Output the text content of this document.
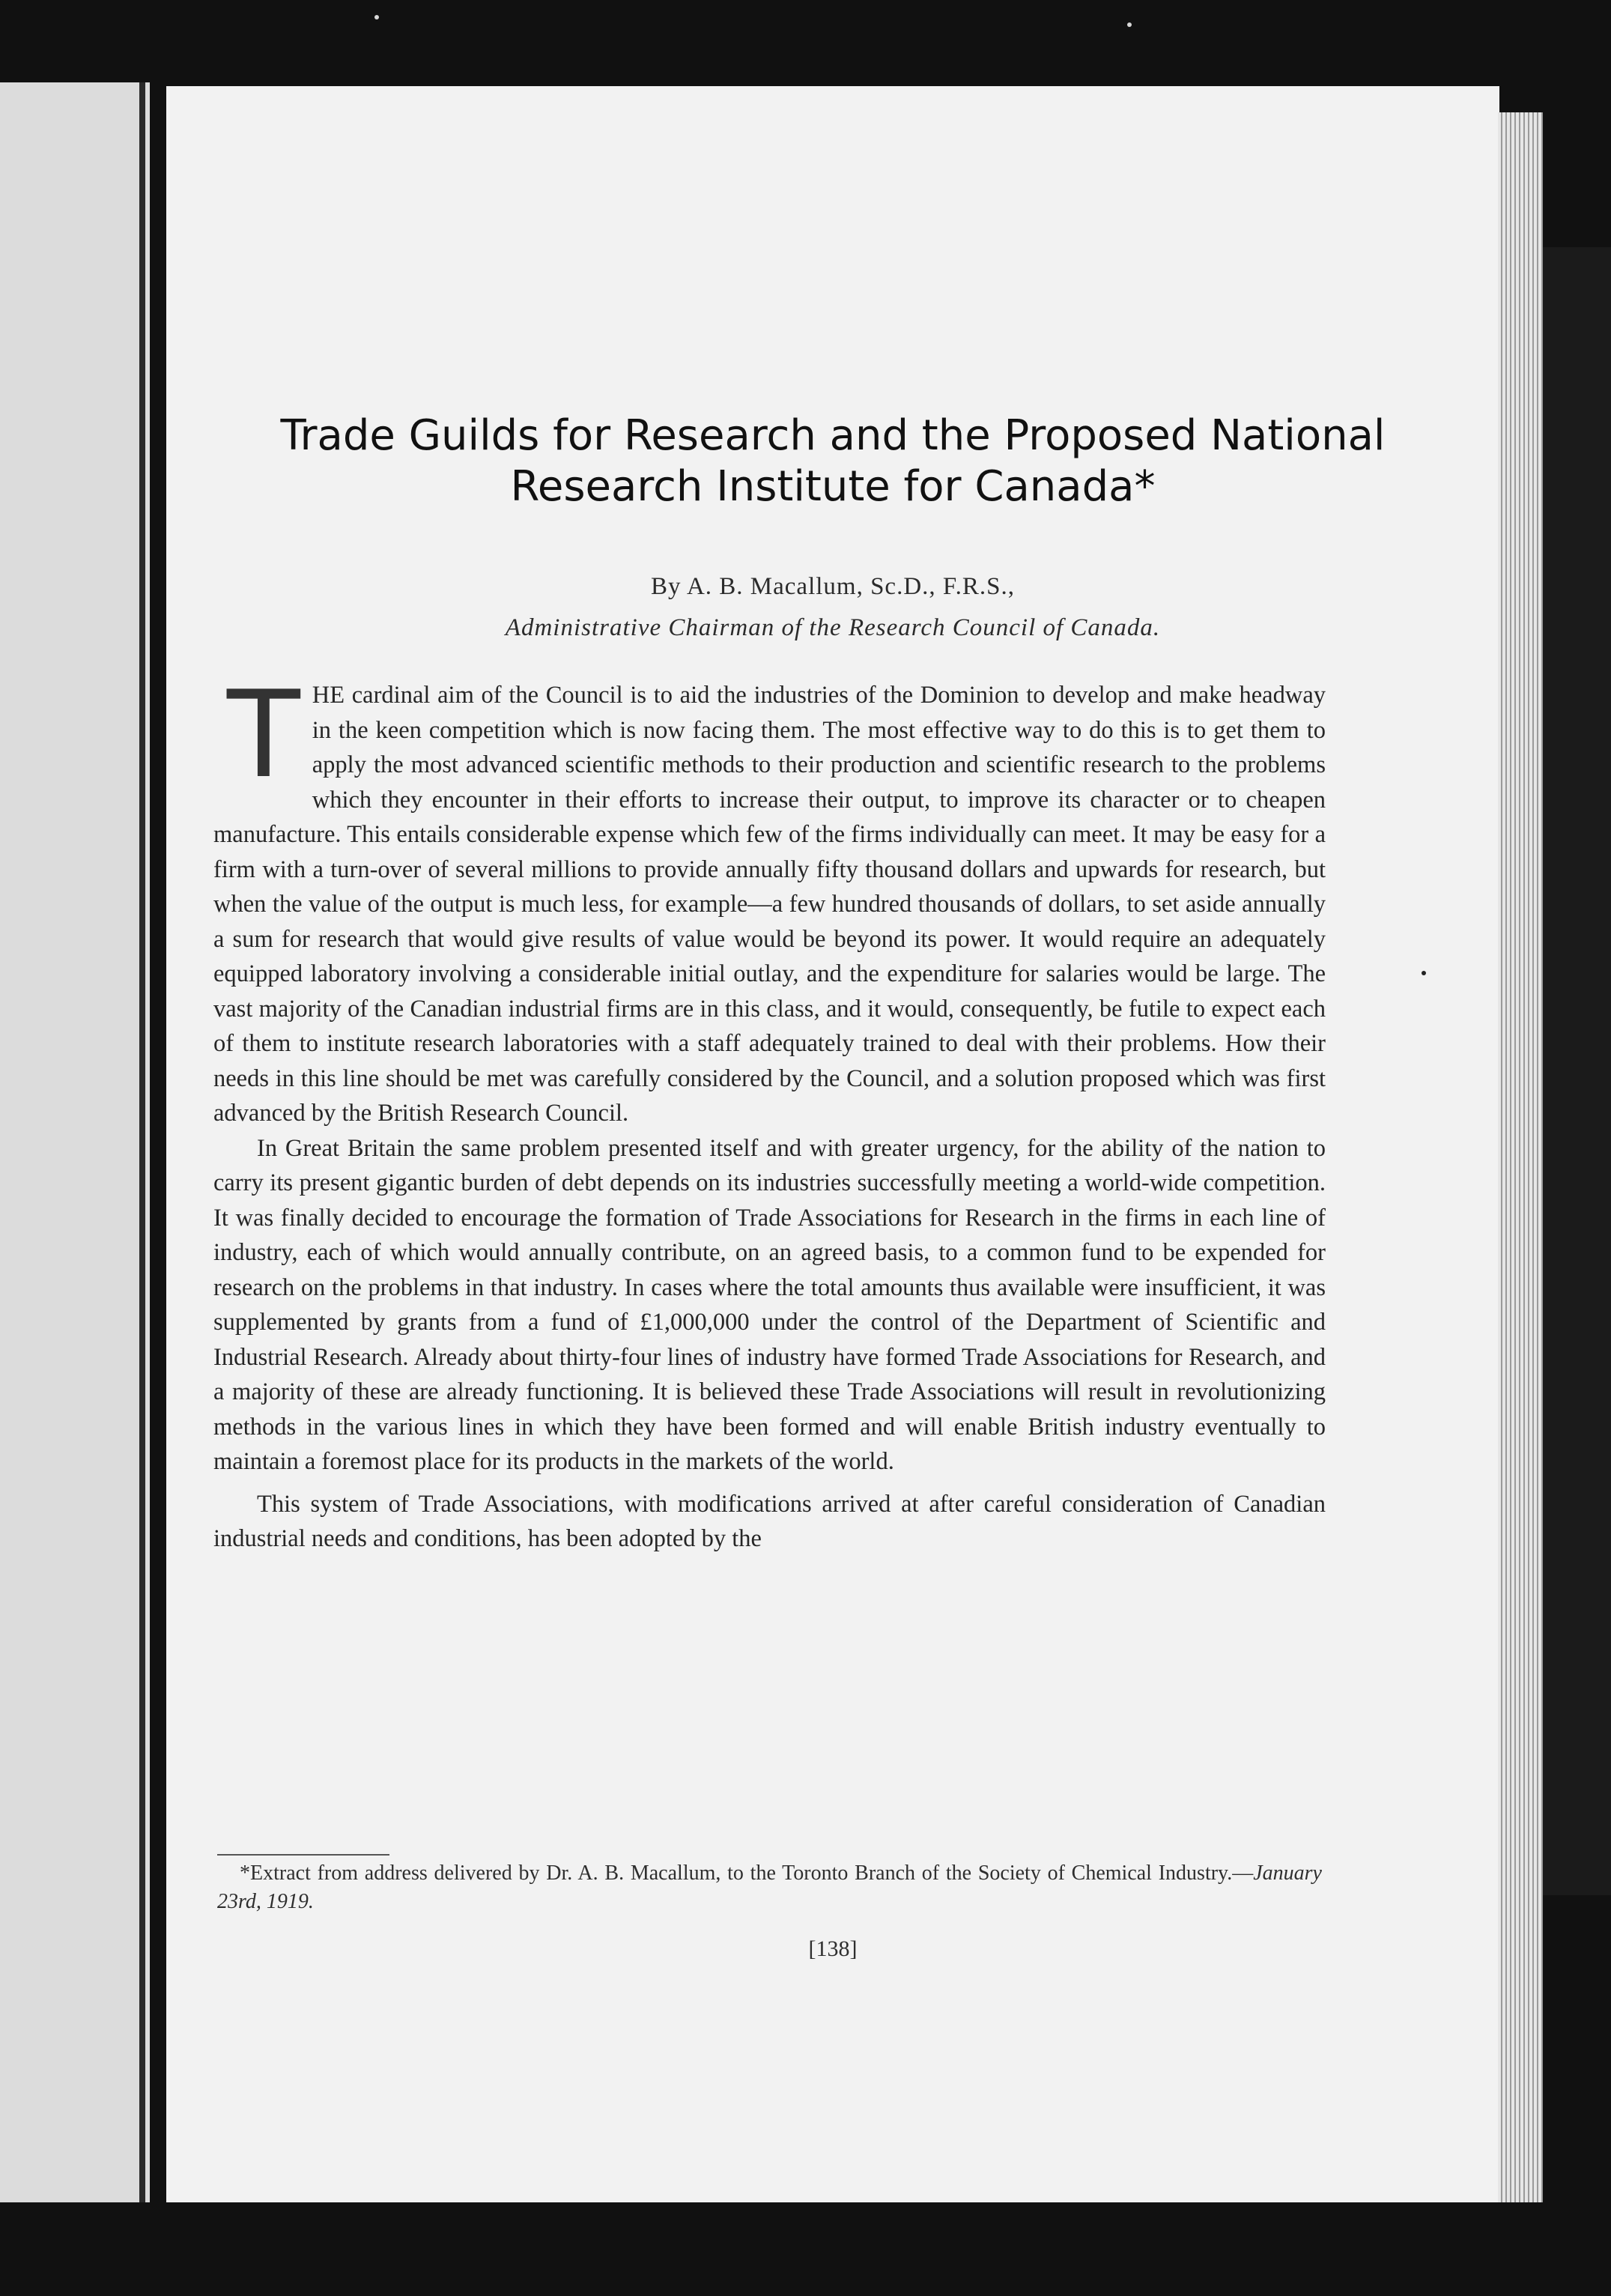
Trade Guilds for Research and the Proposed National
Research Institute for Canada*
By A. B. Macallum, Sc.D., F.R.S.,
Administrative Chairman of the Research Council of Canada.

THE cardinal aim of the Council is to aid the industries of the Dominion to develop and make headway in the keen competition which is now facing them. The most effective way to do this is to get them to apply the most advanced scientific methods to their production and scientific research to the problems which they encounter in their efforts to increase their output, to improve its character or to cheapen manufacture. This entails considerable expense which few of the firms individually can meet. It may be easy for a firm with a turn-over of several millions to provide annually fifty thousand dollars and upwards for research, but when the value of the output is much less, for example—a few hundred thousands of dollars, to set aside annually a sum for research that would give results of value would be beyond its power. It would require an adequately equipped laboratory involving a considerable initial outlay, and the expenditure for salaries would be large. The vast majority of the Canadian industrial firms are in this class, and it would, consequently, be futile to expect each of them to institute research laboratories with a staff adequately trained to deal with their problems. How their needs in this line should be met was carefully considered by the Council, and a solution proposed which was first advanced by the British Research Council.

In Great Britain the same problem presented itself and with greater urgency, for the ability of the nation to carry its present gigantic burden of debt depends on its industries successfully meeting a world-wide competition. It was finally decided to encourage the formation of Trade Associations for Research in the firms in each line of industry, each of which would annually contribute, on an agreed basis, to a common fund to be expended for research on the problems in that industry. In cases where the total amounts thus available were insufficient, it was supplemented by grants from a fund of £1,000,000 under the control of the Department of Scientific and Industrial Research. Already about thirty-four lines of industry have formed Trade Associations for Research, and a majority of these are already functioning. It is believed these Trade Associations will result in revolutionizing methods in the various lines in which they have been formed and will enable British industry eventually to maintain a foremost place for its products in the markets of the world.

This system of Trade Associations, with modifications arrived at after careful consideration of Canadian industrial needs and conditions, has been adopted by the

*Extract from address delivered by Dr. A. B. Macallum, to the Toronto Branch of the Society of Chemical Industry.—January 23rd, 1919.

[138]
